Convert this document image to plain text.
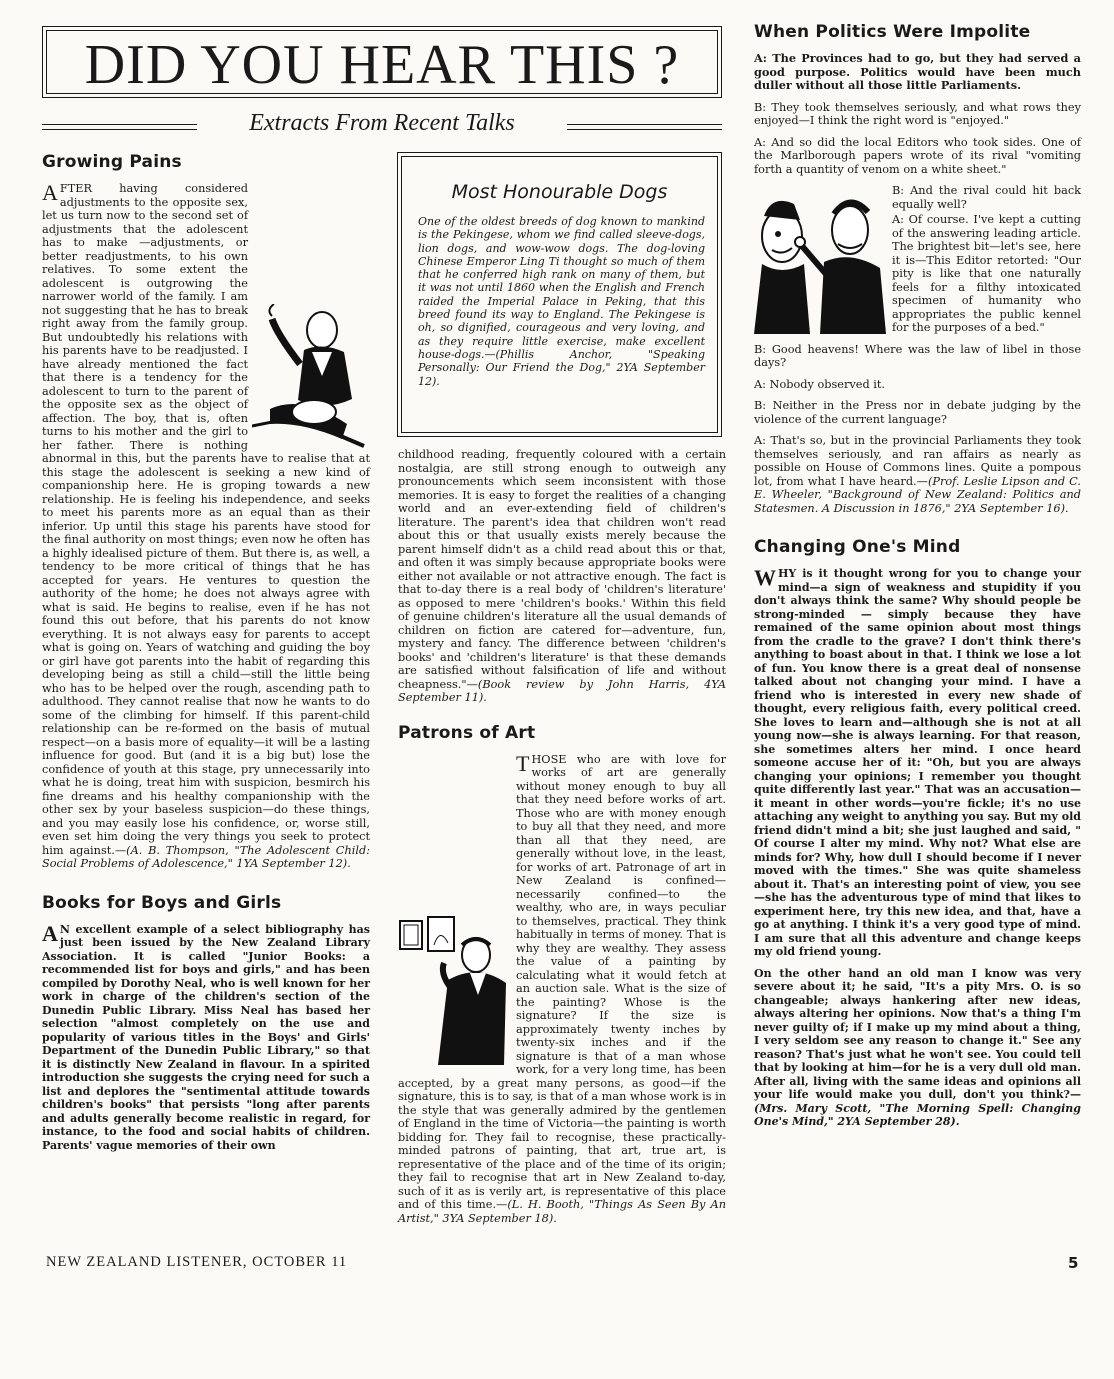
DID YOU HEAR THIS ?
Extracts From Recent Talks
Growing Pains

AFTER having considered adjustments to the opposite sex, let us turn now to the second set of adjustments that the adolescent has to make —adjustments, or better readjustments, to his own relatives. To some extent the adolescent is outgrowing the narrower world of the family. I am not suggesting that he has to break right away from the family group. But undoubtedly his relations with his parents have to be readjusted. I have already mentioned the fact that there is a tendency for the adolescent to turn to the parent of the opposite sex as the object of affection. The boy, that is, often turns to his mother and the girl to her father. There is nothing abnormal in this, but the parents have to realise that at this stage the adolescent is seeking a new kind of companionship here. He is groping towards a new relationship. He is feeling his independence, and seeks to meet his parents more as an equal than as their inferior. Up until this stage his parents have stood for the final authority on most things; even now he often has a highly idealised picture of them. But there is, as well, a tendency to be more critical of things that he has accepted for years. He ventures to question the authority of the home; he does not always agree with what is said. He begins to realise, even if he has not found this out before, that his parents do not know everything. It is not always easy for parents to accept what is going on. Years of watching and guiding the boy or girl have got parents into the habit of regarding this developing being as still a child—still the little being who has to be helped over the rough, ascending path to adulthood. They cannot realise that now he wants to do some of the climbing for himself. If this parent-child relationship can be re-formed on the basis of mutual respect—on a basis more of equality—it will be a lasting influence for good. But (and it is a big but) lose the confidence of youth at this stage, pry unnecessarily into what he is doing, treat him with suspicion, besmirch his fine dreams and his healthy companionship with the other sex by your baseless suspicion—do these things, and you may easily lose his confidence, or, worse still, even set him doing the very things you seek to protect him against.—(A. B. Thompson, "The Adolescent Child: Social Problems of Adolescence," 1YA September 12).

Books for Boys and Girls

A N excellent example of a select bibliography has just been issued by the New Zealand Library Association. It is called "Junior Books: a recommended list for boys and girls," and has been compiled by Dorothy Neal, who is well known for her work in charge of the children's section of the Dunedin Public Library. Miss Neal has based her selection "almost completely on the use and popularity of various titles in the Boys' and Girls' Department of the Dunedin Public Library," so that it is distinctly New Zealand in flavour. In a spirited introduction she suggests the crying need for such a list and deplores the "sentimental attitude towards children's books" that persists "long after parents and adults generally become realistic in regard, for instance, to the food and social habits of children. Parents' vague memories of their own

Most Honourable Dogs
One of the oldest breeds of dog known to mankind is the Pekingese, whom we find called sleeve-dogs, lion dogs, and wow-wow dogs. The dog-loving Chinese Emperor Ling Ti thought so much of them that he conferred high rank on many of them, but it was not until 1860 when the English and French raided the Imperial Palace in Peking, that this breed found its way to England. The Pekingese is oh, so dignified, courageous and very loving, and as they require little exercise, make excellent house-dogs.—(Phillis Anchor, "Speaking Personally: Our Friend the Dog," 2YA September 12).

childhood reading, frequently coloured with a certain nostalgia, are still strong enough to outweigh any pronouncements which seem inconsistent with those memories. It is easy to forget the realities of a changing world and an ever-extending field of children's literature. The parent's idea that children won't read about this or that usually exists merely because the parent himself didn't as a child read about this or that, and often it was simply because appropriate books were either not available or not attractive enough. The fact is that to-day there is a real body of 'children's literature' as opposed to mere 'children's books.' Within this field of genuine children's literature all the usual demands of children on fiction are catered for—adventure, fun, mystery and fancy. The difference between 'children's books' and 'children's literature' is that these demands are satisfied without falsification of life and without cheapness."—(Book review by John Harris, 4YA September 11).

Patrons of Art

THOSE who are with love for works of art are generally without money enough to buy all that they need before works of art. Those who are with money enough to buy all that they need, and more than all that they need, are generally without love, in the least, for works of art. Patronage of art in New Zealand is confined—necessarily confined—to the wealthy, who are, in ways peculiar to themselves, practical. They think habitually in terms of money. That is why they are wealthy. They assess the value of a painting by calculating what it would fetch at an auction sale. What is the size of the painting? Whose is the signature? If the size is approximately twenty inches by twenty-six inches and if the signature is that of a man whose work, for a very long time, has been accepted, by a great many persons, as good—if the signature, this is to say, is that of a man whose work is in the style that was generally admired by the gentlemen of England in the time of Victoria—the painting is worth bidding for. They fail to recognise, these practically-minded patrons of painting, that art, true art, is representative of the place and of the time of its origin; they fail to recognise that art in New Zealand to-day, such of it as is verily art, is representative of this place and of this time.—(L. H. Booth, "Things As Seen By An Artist," 3YA September 18).

When Politics Were Impolite

A: The Provinces had to go, but they had served a good purpose. Politics would have been much duller without all those little Parliaments.

B: They took themselves seriously, and what rows they enjoyed—I think the right word is "enjoyed."

A: And so did the local Editors who took sides. One of the Marlborough papers wrote of its rival "vomiting forth a quantity of venom on a white sheet."

B: And the rival could hit back equally well?

A: Of course. I've kept a cutting of the answering leading article. The brightest bit—let's see, here it is—This Editor retorted: "Our pity is like that one naturally feels for a filthy intoxicated specimen of humanity who appropriates the public kennel for the purposes of a bed."

B: Good heavens! Where was the law of libel in those days?

A: Nobody observed it.

B: Neither in the Press nor in debate judging by the violence of the current language?

A: That's so, but in the provincial Parliaments they took themselves seriously, and ran affairs as nearly as possible on House of Commons lines. Quite a pompous lot, from what I have heard.—(Prof. Leslie Lipson and C. E. Wheeler, "Background of New Zealand: Politics and Statesmen. A Discussion in 1876," 2YA September 16).

Changing One's Mind

WHY is it thought wrong for you to change your mind—a sign of weakness and stupidity if you don't always think the same? Why should people be strong-minded — simply because they have remained of the same opinion about most things from the cradle to the grave? I don't think there's anything to boast about in that. I think we lose a lot of fun. You know there is a great deal of nonsense talked about not changing your mind. I have a friend who is interested in every new shade of thought, every religious faith, every political creed. She loves to learn and—although she is not at all young now—she is always learning. For that reason, she sometimes alters her mind. I once heard someone accuse her of it: "Oh, but you are always changing your opinions; I remember you thought quite differently last year." That was an accusation—it meant in other words—you're fickle; it's no use attaching any weight to anything you say. But my old friend didn't mind a bit; she just laughed and said, " Of course I alter my mind. Why not? What else are minds for? Why, how dull I should become if I never moved with the times." She was quite shameless about it. That's an interesting point of view, you see—she has the adventurous type of mind that likes to experiment here, try this new idea, and that, have a go at anything. I think it's a very good type of mind. I am sure that all this adventure and change keeps my old friend young.

On the other hand an old man I know was very severe about it; he said, "It's a pity Mrs. O. is so changeable; always hankering after new ideas, always altering her opinions. Now that's a thing I'm never guilty of; if I make up my mind about a thing, I very seldom see any reason to change it." See any reason? That's just what he won't see. You could tell that by looking at him—for he is a very dull old man. After all, living with the same ideas and opinions all your life would make you dull, don't you think?—(Mrs. Mary Scott, "The Morning Spell: Changing One's Mind," 2YA September 28).

NEW ZEALAND LISTENER, OCTOBER 11	5
